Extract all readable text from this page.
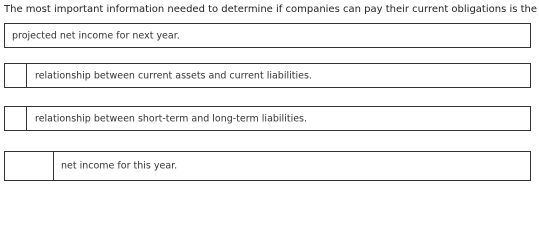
The most important information needed to determine if companies can pay their current obligations is the
projected net income for next year.
relationship between current assets and current liabilities.
relationship between short-term and long-term liabilities.
net income for this year.
